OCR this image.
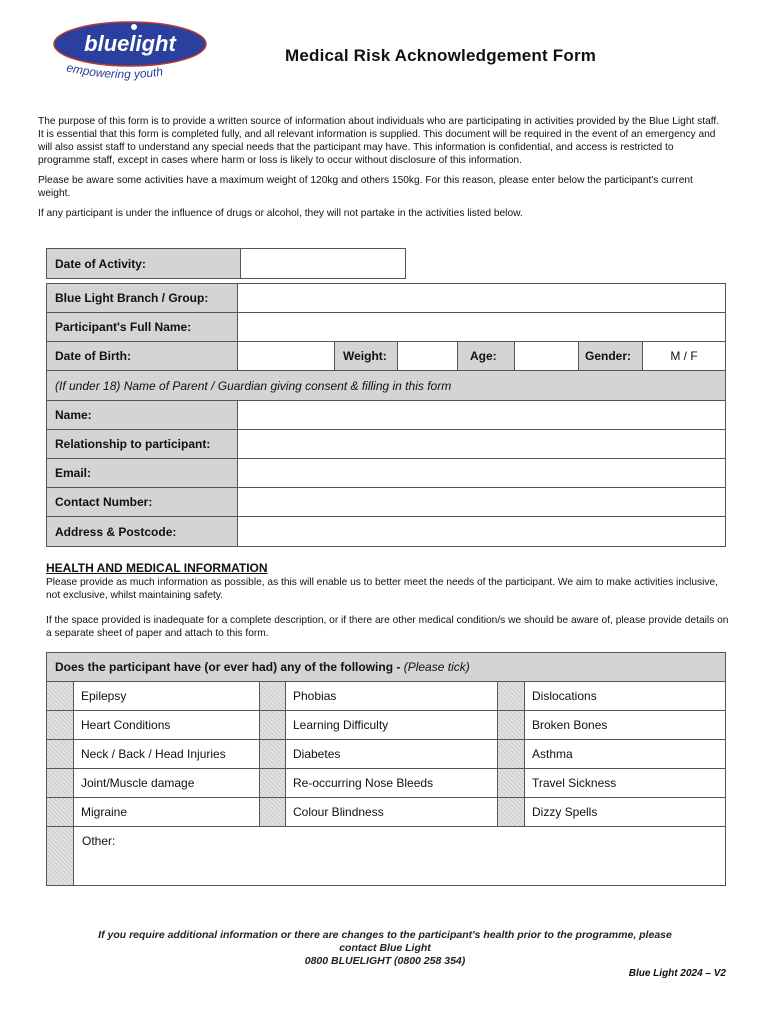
bluelight
empowering youth
Medical Risk Acknowledgement Form

The purpose of this form is to provide a written source of information about individuals who are participating in activities provided by the Blue Light staff. It is essential that this form is completed fully, and all relevant information is supplied. This document will be required in the event of an emergency and will also assist staff to understand any special needs that the participant may have. This information is confidential, and access is restricted to programme staff, except in cases where harm or loss is likely to occur without disclosure of this information.

Please be aware some activities have a maximum weight of 120kg and others 150kg. For this reason, please enter below the participant's current weight.

If any participant is under the influence of drugs or alcohol, they will not partake in the activities listed below.

Date of Activity:
Blue Light Branch / Group:
Participant's Full Name:
Date of Birth:	Weight:	Age:	Gender:	M / F
(If under 18) Name of Parent / Guardian giving consent & filling in this form
Name:
Relationship to participant:
Email:
Contact Number:
Address & Postcode:
HEALTH AND MEDICAL INFORMATION

Please provide as much information as possible, as this will enable us to better meet the needs of the participant. We aim to make activities inclusive, not exclusive, whilst maintaining safety.

If the space provided is inadequate for a complete description, or if there are other medical condition/s we should be aware of, please provide details on a separate sheet of paper and attach to this form.

Does the participant have (or ever had) any of the following - (Please tick)
Epilepsy	Phobias	Dislocations
Heart Conditions	Learning Difficulty	Broken Bones
Neck / Back / Head Injuries	Diabetes	Asthma
Joint/Muscle damage	Re-occurring Nose Bleeds	Travel Sickness
Migraine	Colour Blindness	Dizzy Spells
Other:
If you require additional information or there are changes to the participant's health prior to the programme, please
contact Blue Light
0800 BLUELIGHT (0800 258 354)
Blue Light 2024 – V2
